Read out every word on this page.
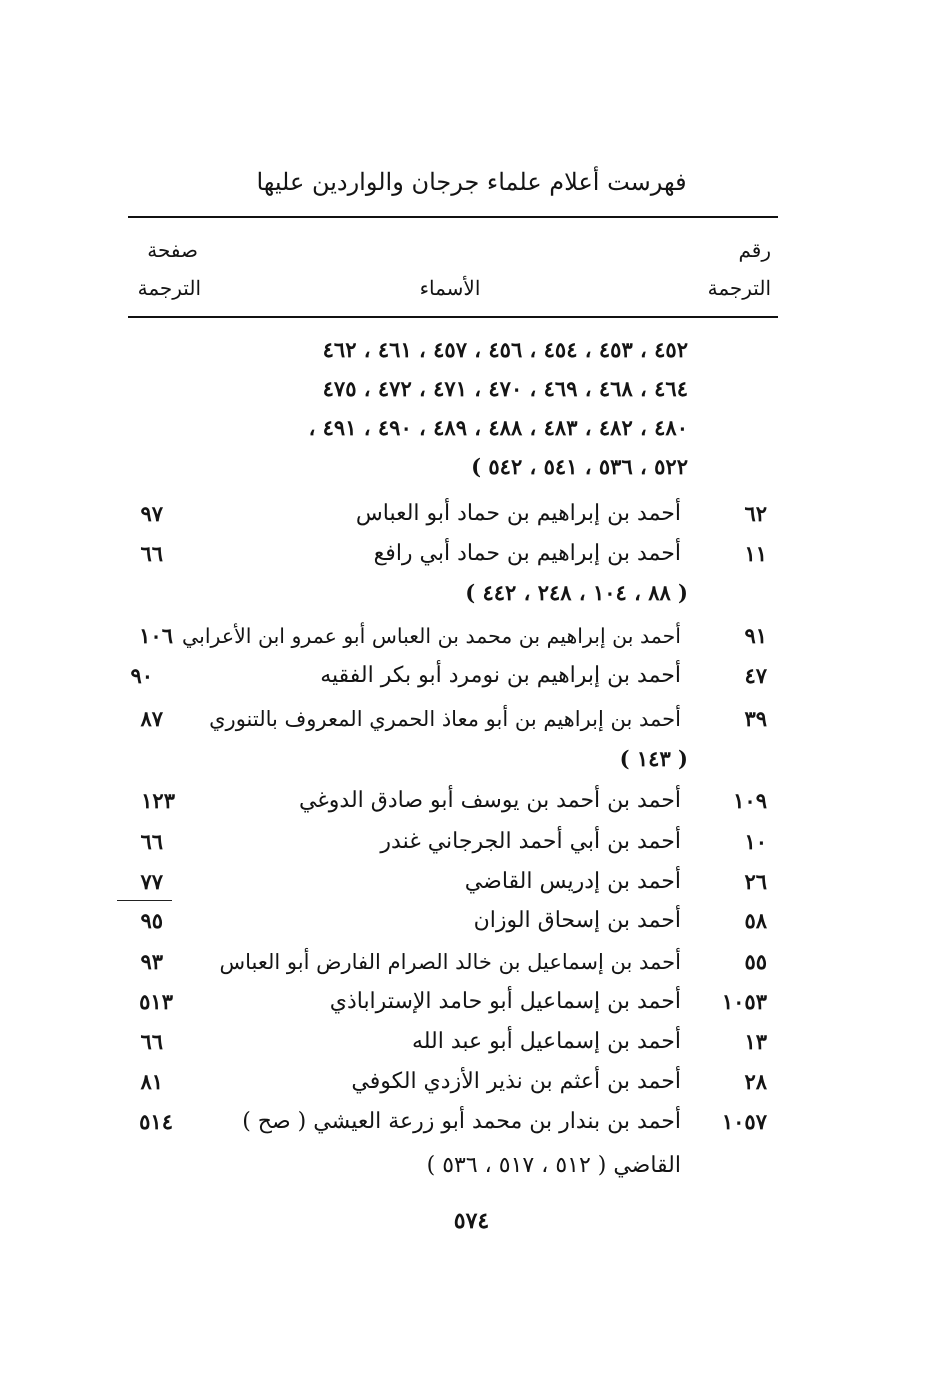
فهرست أعلام علماء جرجان والواردين عليها
رقم
الترجمة
الأسماء
صفحة
الترجمة
٤٥٢ ، ٤٥٣ ، ٤٥٤ ، ٤٥٦ ، ٤٥٧ ، ٤٦١ ، ٤٦٢
٤٦٤ ، ٤٦٨ ، ٤٦٩ ، ٤٧٠ ، ٤٧١ ، ٤٧٢ ، ٤٧٥
٤٨٠ ، ٤٨٢ ، ٤٨٣ ، ٤٨٨ ، ٤٨٩ ، ٤٩٠ ، ٤٩١ ،
٥٢٢ ، ٥٣٦ ، ٥٤١ ، ٥٤٢ )
٦٢
أحمد بن إبراهيم بن حماد أبو العباس
٩٧
١١
أحمد بن إبراهيم بن حماد أبي رافع
٦٦
( ٨٨ ، ١٠٤ ، ٢٤٨ ، ٤٤٢ )
٩١
أحمد بن إبراهيم بن محمد بن العباس أبو عمرو ابن الأعرابي
١٠٦
٤٧
أحمد بن إبراهيم بن نومرد أبو بكر الفقيه
٩٠
٣٩
أحمد بن إبراهيم بن أبو معاذ الحمري المعروف بالتنوري
٨٧
( ١٤٣ )
١٠٩
أحمد بن أحمد بن يوسف أبو صادق الدوغي
١٢٣
١٠
أحمد بن أبي أحمد الجرجاني غندر
٦٦
٢٦
أحمد بن إدريس القاضي
٧٧
٥٨
أحمد بن إسحاق الوزان
٩٥
٥٥
أحمد بن إسماعيل بن خالد الصرام الفارض أبو العباس
٩٣
١٠٥٣
أحمد بن إسماعيل أبو حامد الإستراباذي
٥١٣
١٣
أحمد بن إسماعيل أبو عبد الله
٦٦
٢٨
أحمد بن أعثم بن نذير الأزدي الكوفي
٨١
١٠٥٧
أحمد بن بندار بن محمد أبو زرعة العيشي ( صح )
٥١٤
القاضي ( ٥١٢ ، ٥١٧ ، ٥٣٦ )
٥٧٤
